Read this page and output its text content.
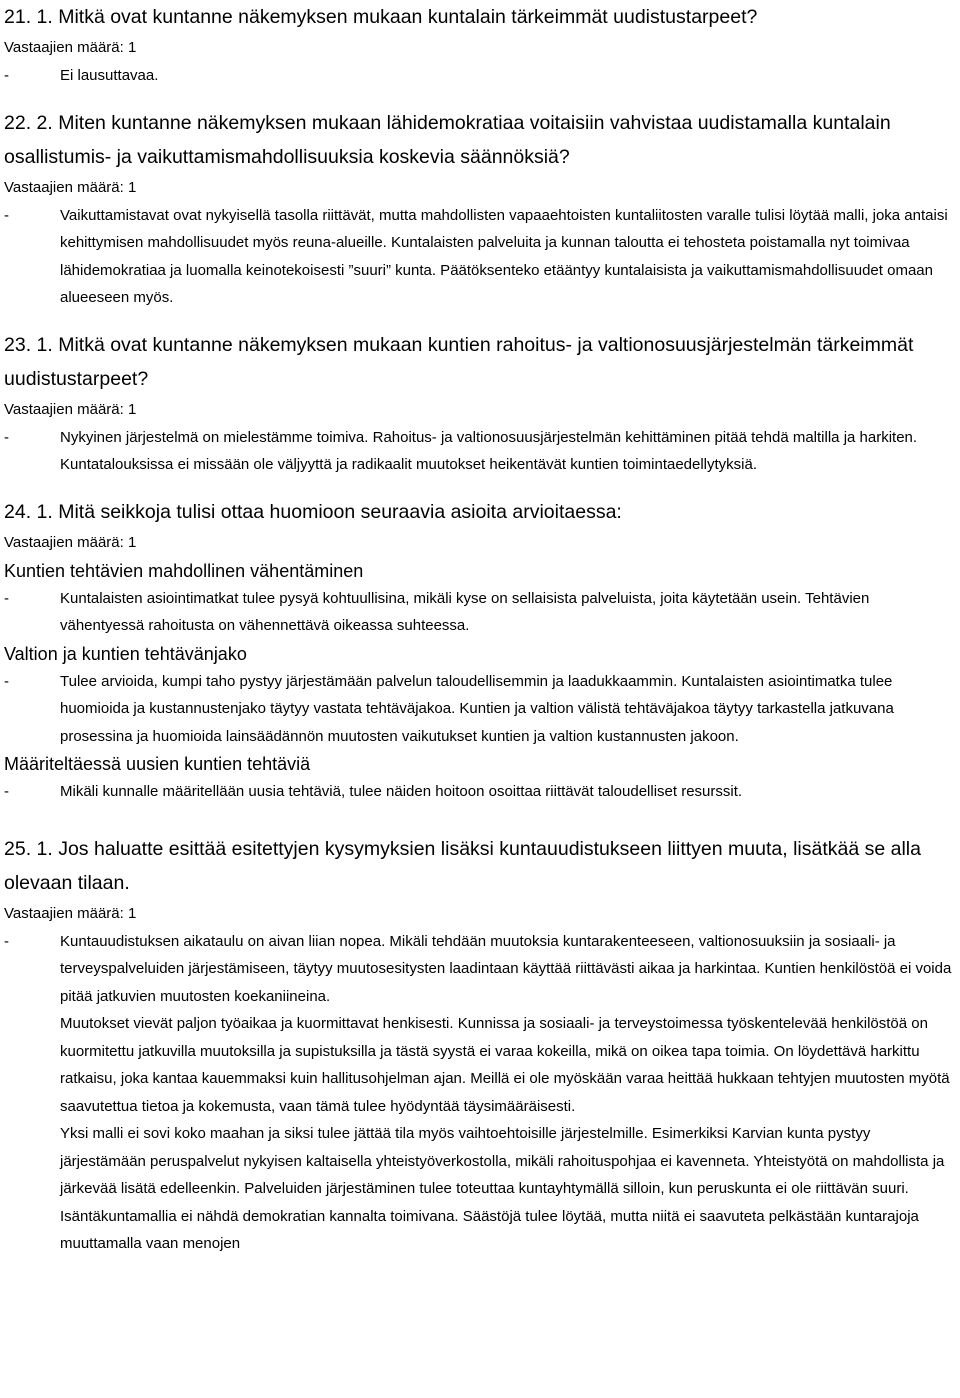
21. 1. Mitkä ovat kuntanne näkemyksen mukaan kuntalain tärkeimmät uudistustarpeet?

Vastaajien määrä: 1
-	Ei lausuttavaa.

22. 2. Miten kuntanne näkemyksen mukaan lähidemokratiaa voitaisiin vahvistaa uudistamalla kuntalain osallistumis- ja vaikuttamismahdollisuuksia koskevia säännöksiä?

Vastaajien määrä: 1
-	Vaikuttamistavat ovat nykyisellä tasolla riittävät, mutta mahdollisten vapaaehtoisten kuntaliitosten varalle tulisi löytää malli, joka antaisi kehittymisen mahdollisuudet myös reuna-alueille. Kuntalaisten palveluita ja kunnan taloutta ei tehosteta poistamalla nyt toimivaa lähidemokratiaa ja luomalla keinotekoisesti ”suuri” kunta. Päätöksenteko etääntyy kuntalaisista ja vaikuttamismahdollisuudet omaan alueeseen myös.

23. 1. Mitkä ovat kuntanne näkemyksen mukaan kuntien rahoitus- ja valtionosuusjärjestelmän tärkeimmät uudistustarpeet?

Vastaajien määrä: 1
-	Nykyinen järjestelmä on mielestämme toimiva. Rahoitus- ja valtionosuusjärjestelmän kehittäminen pitää tehdä maltilla ja harkiten. Kuntatalouksissa ei missään ole väljyyttä ja radikaalit muutokset heikentävät kuntien toimintaedellytyksiä.

24. 1. Mitä seikkoja tulisi ottaa huomioon seuraavia asioita arvioitaessa:

Vastaajien määrä: 1
Kuntien tehtävien mahdollinen vähentäminen
-	Kuntalaisten asiointimatkat tulee pysyä kohtuullisina, mikäli kyse on sellaisista palveluista, joita käytetään usein. Tehtävien vähentyessä rahoitusta on vähennettävä oikeassa suhteessa.

Valtion ja kuntien tehtävänjako
-	Tulee arvioida, kumpi taho pystyy järjestämään palvelun taloudellisemmin ja laadukkaammin. Kuntalaisten asiointimatka tulee huomioida ja kustannustenjako täytyy vastata tehtäväjakoa. Kuntien ja valtion välistä tehtäväjakoa täytyy tarkastella jatkuvana prosessina ja huomioida lainsäädännön muutosten vaikutukset kuntien ja valtion kustannusten jakoon.

Määriteltäessä uusien kuntien tehtäviä
-	Mikäli kunnalle määritellään uusia tehtäviä, tulee näiden hoitoon osoittaa riittävät taloudelliset resurssit.

25. 1. Jos haluatte esittää esitettyjen kysymyksien lisäksi kuntauudistukseen liittyen muuta, lisätkää se alla olevaan tilaan.

Vastaajien määrä: 1
-	Kuntauudistuksen aikataulu on aivan liian nopea. Mikäli tehdään muutoksia kuntarakenteeseen, valtionosuuksiin ja sosiaali- ja terveyspalveluiden järjestämiseen, täytyy muutosesitysten laadintaan käyttää riittävästi aikaa ja harkintaa. Kuntien henkilöstöä ei voida pitää jatkuvien muutosten koekaniineina.

Muutokset vievät paljon työaikaa ja kuormittavat henkisesti. Kunnissa ja sosiaali- ja terveystoimessa työskentelevää henkilöstöä on kuormitettu jatkuvilla muutoksilla ja supistuksilla ja tästä syystä ei varaa kokeilla, mikä on oikea tapa toimia. On löydettävä harkittu ratkaisu, joka kantaa kauemmaksi kuin hallitusohjelman ajan. Meillä ei ole myöskään varaa heittää hukkaan tehtyjen muutosten myötä saavutettua tietoa ja kokemusta, vaan tämä tulee hyödyntää täysimääräisesti.

Yksi malli ei sovi koko maahan ja siksi tulee jättää tila myös vaihtoehtoisille järjestelmille. Esimerkiksi Karvian kunta pystyy järjestämään peruspalvelut nykyisen kaltaisella yhteistyöverkostolla, mikäli rahoituspohjaa ei kavenneta. Yhteistyötä on mahdollista ja järkevää lisätä edelleenkin. Palveluiden järjestäminen tulee toteuttaa kuntayhtymällä silloin, kun peruskunta ei ole riittävän suuri. Isäntäkuntamallia ei nähdä demokratian kannalta toimivana. Säästöjä tulee löytää, mutta niitä ei saavuteta pelkästään kuntarajoja muuttamalla vaan menojen
